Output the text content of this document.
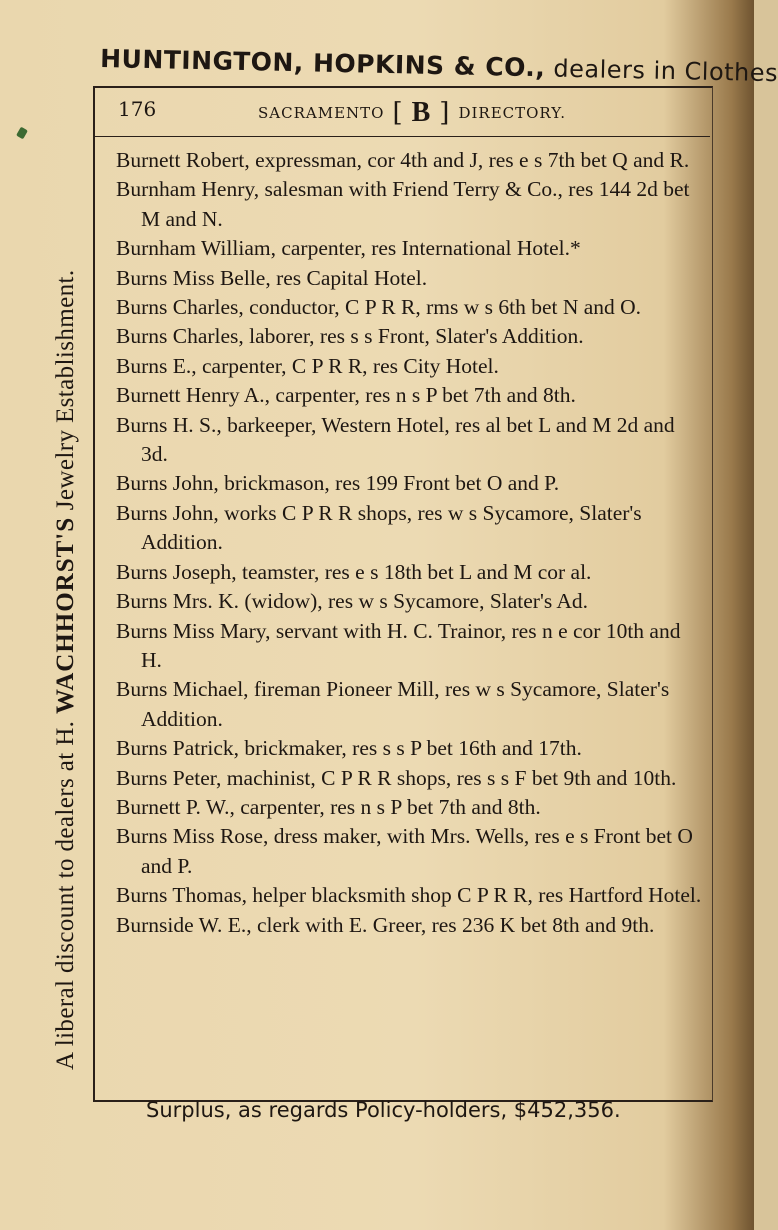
HUNTINGTON, HOPKINS & CO., dealers in Clothes
A liberal discount to dealers at H. WACHHORST'S Jewelry Establishment.
176	SACRAMENTO [ B ] DIRECTORY.

Burnett Robert, expressman, cor 4th and J, res e s 7th bet Q and R.

Burnham Henry, salesman with Friend Terry & Co., res 144 2d bet M and N.

Burnham William, carpenter, res International Hotel.*

Burns Miss Belle, res Capital Hotel.

Burns Charles, conductor, C P R R, rms w s 6th bet N and O.

Burns Charles, laborer, res s s Front, Slater's Addition.

Burns E., carpenter, C P R R, res City Hotel.

Burnett Henry A., carpenter, res n s P bet 7th and 8th.

Burns H. S., barkeeper, Western Hotel, res al bet L and M 2d and 3d.

Burns John, brickmason, res 199 Front bet O and P.

Burns John, works C P R R shops, res w s Sycamore, Slater's Addition.

Burns Joseph, teamster, res e s 18th bet L and M cor al.

Burns Mrs. K. (widow), res w s Sycamore, Slater's Ad.

Burns Miss Mary, servant with H. C. Trainor, res n e cor 10th and H.

Burns Michael, fireman Pioneer Mill, res w s Sycamore, Slater's Addition.

Burns Patrick, brickmaker, res s s P bet 16th and 17th.

Burns Peter, machinist, C P R R shops, res s s F bet 9th and 10th.

Burnett P. W., carpenter, res n s P bet 7th and 8th.

Burns Miss Rose, dress maker, with Mrs. Wells, res e s Front bet O and P.

Burns Thomas, helper blacksmith shop C P R R, res Hartford Hotel.

Burnside W. E., clerk with E. Greer, res 236 K bet 8th and 9th.

Surplus, as regards Policy-holders, $452,356.
